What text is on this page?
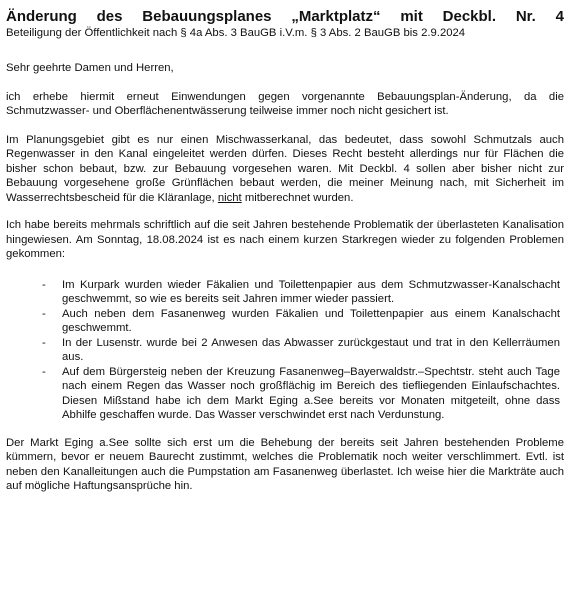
Änderung des Bebauungsplanes „Marktplatz“ mit Deckbl. Nr. 4
Beteiligung der Öffentlichkeit nach § 4a Abs. 3 BauGB i.V.m. § 3 Abs. 2 BauGB bis 2.9.2024

Sehr geehrte Damen und Herren,

ich erhebe hiermit erneut Einwendungen gegen vorgenannte Bebauungsplan-Änderung, da die Schmutzwasser- und Oberflächenentwässerung teilweise immer noch nicht gesichert ist.

Im Planungsgebiet gibt es nur einen Mischwasserkanal, das bedeutet, dass sowohl Schmutzals auch Regenwasser in den Kanal eingeleitet werden dürfen. Dieses Recht besteht allerdings nur für Flächen die bisher schon bebaut, bzw. zur Bebauung vorgesehen waren. Mit Deckbl. 4 sollen aber bisher nicht zur Bebauung vorgesehene große Grünflächen bebaut werden, die meiner Meinung nach, mit Sicherheit im Wasserrechtsbescheid für die Kläranlage, nicht mitberechnet wurden.

Ich habe bereits mehrmals schriftlich auf die seit Jahren bestehende Problematik der überlasteten Kanalisation hingewiesen. Am Sonntag, 18.08.2024 ist es nach einem kurzen Starkregen wieder zu folgenden Problemen gekommen:

- Im Kurpark wurden wieder Fäkalien und Toilettenpapier aus dem Schmutzwasser-Kanalschacht geschwemmt, so wie es bereits seit Jahren immer wieder passiert.
- Auch neben dem Fasanenweg wurden Fäkalien und Toilettenpapier aus einem Kanalschacht geschwemmt.
- In der Lusenstr. wurde bei 2 Anwesen das Abwasser zurückgestaut und trat in den Kellerräumen aus.
- Auf dem Bürgersteig neben der Kreuzung Fasanenweg–Bayerwaldstr.–Spechtstr. steht auch Tage nach einem Regen das Wasser noch großflächig im Bereich des tiefliegenden Einlaufschachtes. Diesen Mißstand habe ich dem Markt Eging a.See bereits vor Monaten mitgeteilt, ohne dass Abhilfe geschaffen wurde. Das Wasser verschwindet erst nach Verdunstung.

Der Markt Eging a.See sollte sich erst um die Behebung der bereits seit Jahren bestehenden Probleme kümmern, bevor er neuem Baurecht zustimmt, welches die Problematik noch weiter verschlimmert. Evtl. ist neben den Kanalleitungen auch die Pumpstation am Fasanenweg überlastet. Ich weise hier die Markträte auch auf mögliche Haftungsansprüche hin.
